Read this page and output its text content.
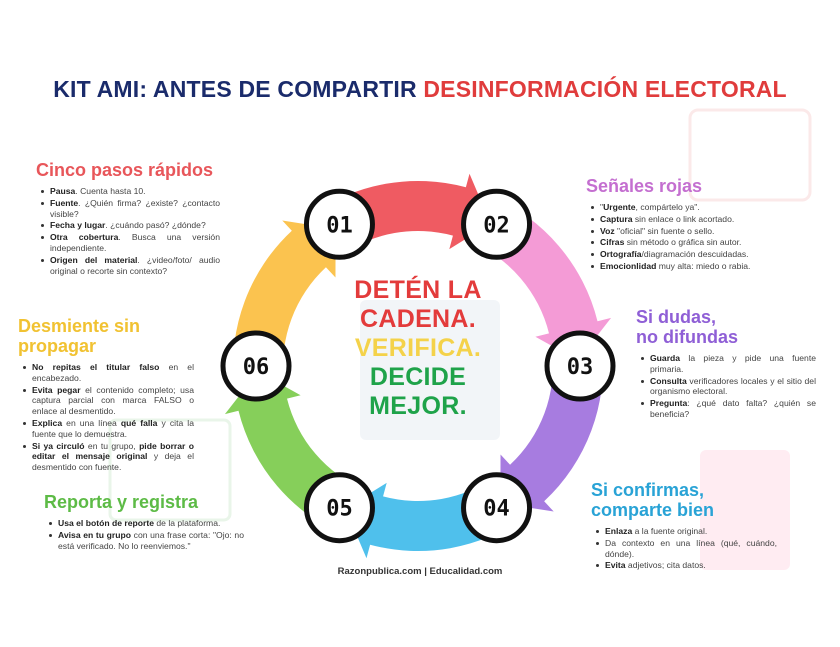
KIT AMI: ANTES DE COMPARTIR DESINFORMACIÓN ELECTORAL
01	02
03
04
05
06
DETÉN LA
CADENA.
VERIFICA.
DECIDE
MEJOR.
Cinco pasos rápidos
Pausa. Cuenta hasta 10.
Fuente. ¿Quién firma? ¿existe? ¿contacto visible?
Fecha y lugar. ¿cuándo pasó? ¿dónde?
Otra cobertura. Busca una versión independiente.
Origen del material. ¿video/foto/ audio original o recorte sin contexto?
Señales rojas
"Urgente, compártelo ya".
Captura sin enlace o link acortado.
Voz "oficial" sin fuente o sello.
Cifras sin método o gráfica sin autor.
Ortografía/diagramación descuidadas.
Emocionlidad muy alta: miedo o rabia.
Si dudas,
no difundas
Guarda la pieza y pide una fuente primaria.
Consulta verificadores locales y el sitio del organismo electoral.
Pregunta: ¿qué dato falta? ¿quién se beneficia?
Desmiente sin
propagar
No repitas el titular falso en el encabezado.
Evita pegar el contenido completo; usa captura parcial con marca FALSO o enlace al desmentido.
Explica en una línea qué falla y cita la fuente que lo demuestra.
Si ya circuló en tu grupo, pide borrar o editar el mensaje original y deja el desmentido con fuente.
Reporta y registra
Usa el botón de reporte de la plataforma.
Avisa en tu grupo con una frase corta: "Ojo: no está verificado. No lo reenviemos."
Si confirmas,
comparte bien
Enlaza a la fuente original.
Da contexto en una línea (qué, cuándo, dónde).
Evita adjetivos; cita datos.
Razonpublica.com | Educalidad.com
